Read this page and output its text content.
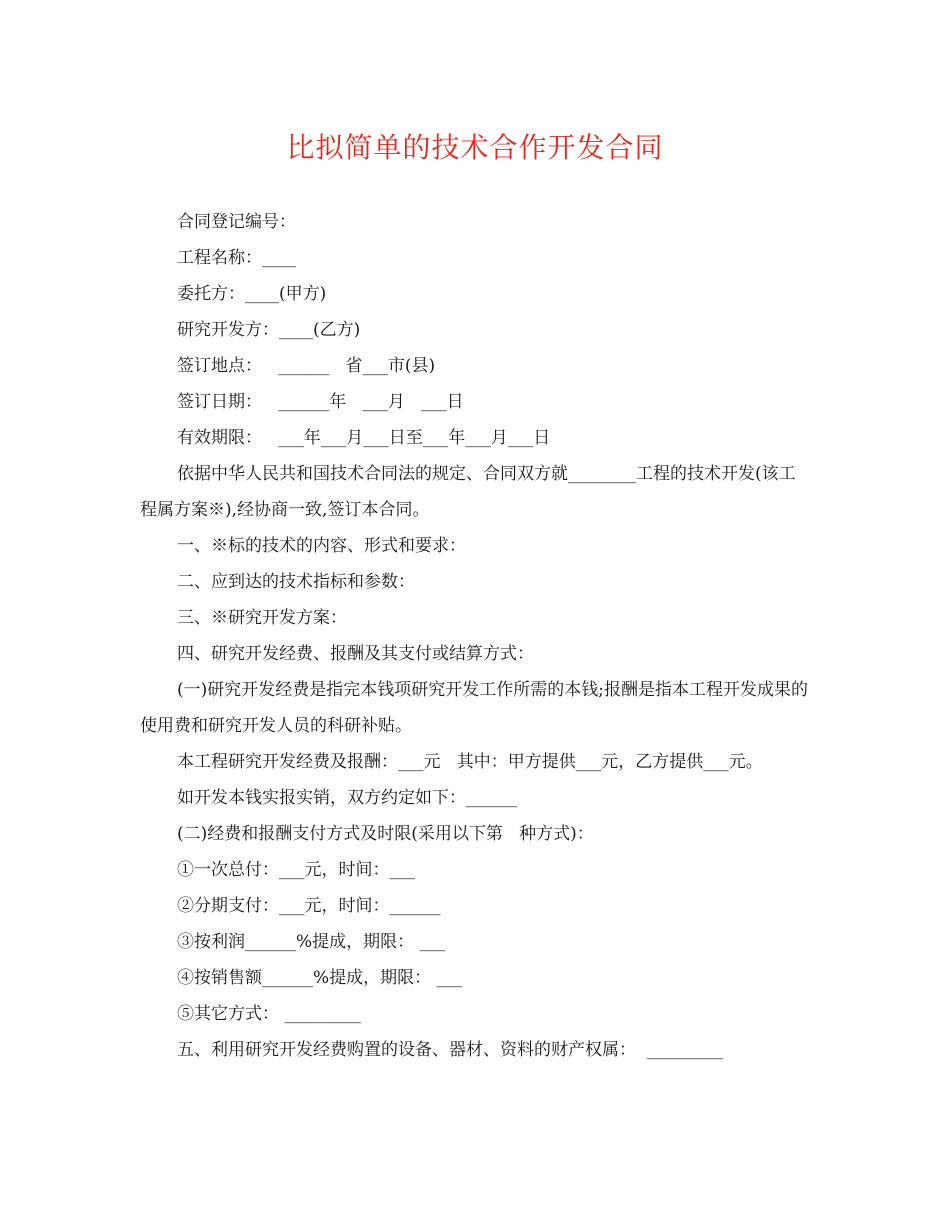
比拟简单的技术合作开发合同

合同登记编号：

工程名称：____

委托方：____(甲方)

研究开发方：____(乙方)

签订地点：   ______   省___市(县)

签订日期：   ______年   ___月   ___日

有效期限：   ___年___月___日至___年___月___日

依据中华人民共和国技术合同法的规定、合同双方就________工程的技术开发(该工程属方案※),经协商一致,签订本合同。

一、※标的技术的内容、形式和要求：

二、应到达的技术指标和参数：

三、※研究开发方案：

四、研究开发经费、报酬及其支付或结算方式：

(一)研究开发经费是指完本钱项研究开发工作所需的本钱;报酬是指本工程开发成果的使用费和研究开发人员的科研补贴。

本工程研究开发经费及报酬：___元   其中：甲方提供___元，乙方提供___元。

如开发本钱实报实销，双方约定如下：______

(二)经费和报酬支付方式及时限(采用以下第   种方式)：

①一次总付：___元，时间：___

②分期支付：___元，时间：______

③按利润______%提成，期限： ___

④按销售额______%提成，期限： ___

⑤其它方式： _________

五、利用研究开发经费购置的设备、器材、资料的财产权属：  _________
